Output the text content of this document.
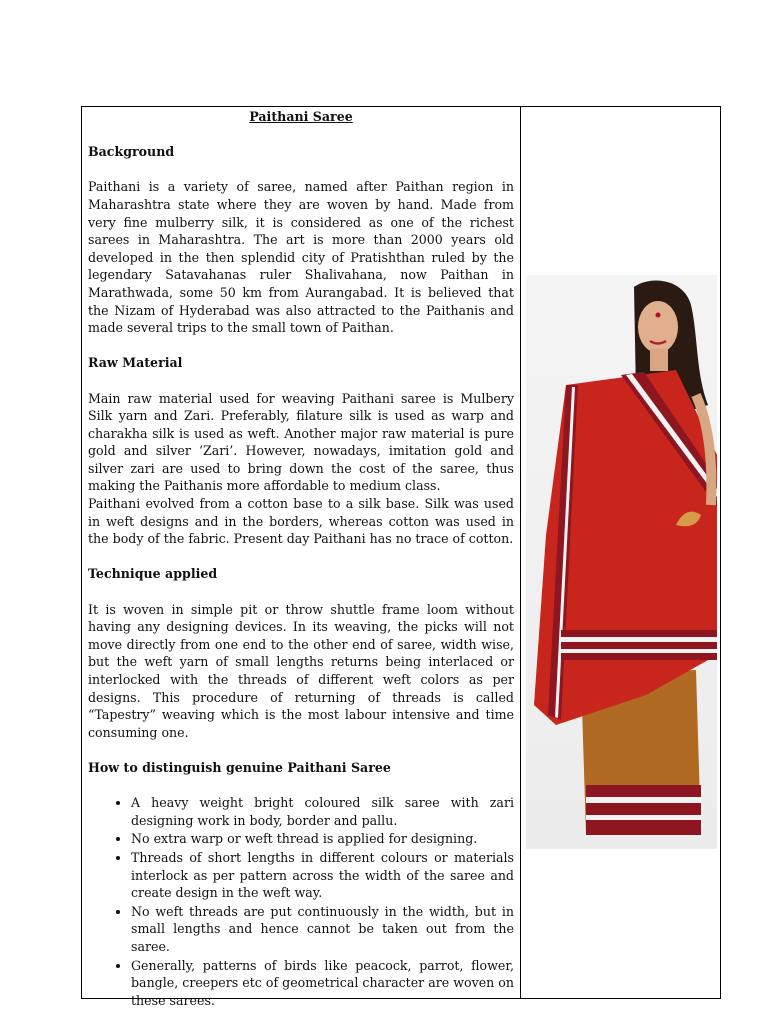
Paithani Saree
Background

Paithani is a variety of saree, named after Paithan region in Maharashtra state where they are woven by hand. Made from very fine mulberry silk, it is considered as one of the richest sarees in Maharashtra. The art is more than 2000 years old developed in the then splendid city of Pratishthan ruled by the legendary Satavahanas ruler Shalivahana, now Paithan in Marathwada, some 50 km from Aurangabad. It is believed that the Nizam of Hyderabad was also attracted to the Paithanis and made several trips to the small town of Paithan.

Raw Material

Main raw material used for weaving Paithani saree is Mulbery Silk yarn and Zari. Preferably, filature silk is used as warp and charakha silk is used as weft. Another major raw material is pure gold and silver ‘Zari’. However, nowadays, imitation gold and silver zari are used to bring down the cost of the saree, thus making the Paithanis more affordable to medium class.

Paithani evolved from a cotton base to a silk base. Silk was used in weft designs and in the borders, whereas cotton was used in the body of the fabric. Present day Paithani has no trace of cotton.

Technique applied

It is woven in simple pit or throw shuttle frame loom without having any designing devices. In its weaving, the picks will not move directly from one end to the other end of saree, width wise, but the weft yarn of small lengths returns being interlaced or interlocked with the threads of different weft colors as per designs. This procedure of returning of threads is called “Tapestry” weaving which is the most labour intensive and time consuming one.

How to distinguish genuine Paithani Saree
• A heavy weight bright coloured silk saree with zari designing work in body, border and pallu.
• No extra warp or weft thread is applied for designing.
• Threads of short lengths in different colours or materials interlock as per pattern across the width of the saree and create design in the weft way.
• No weft threads are put continuously in the width, but in small lengths and hence cannot be taken out from the saree.
• Generally, patterns of birds like peacock, parrot, flower, bangle, creepers etc of geometrical character are woven on these sarees.
